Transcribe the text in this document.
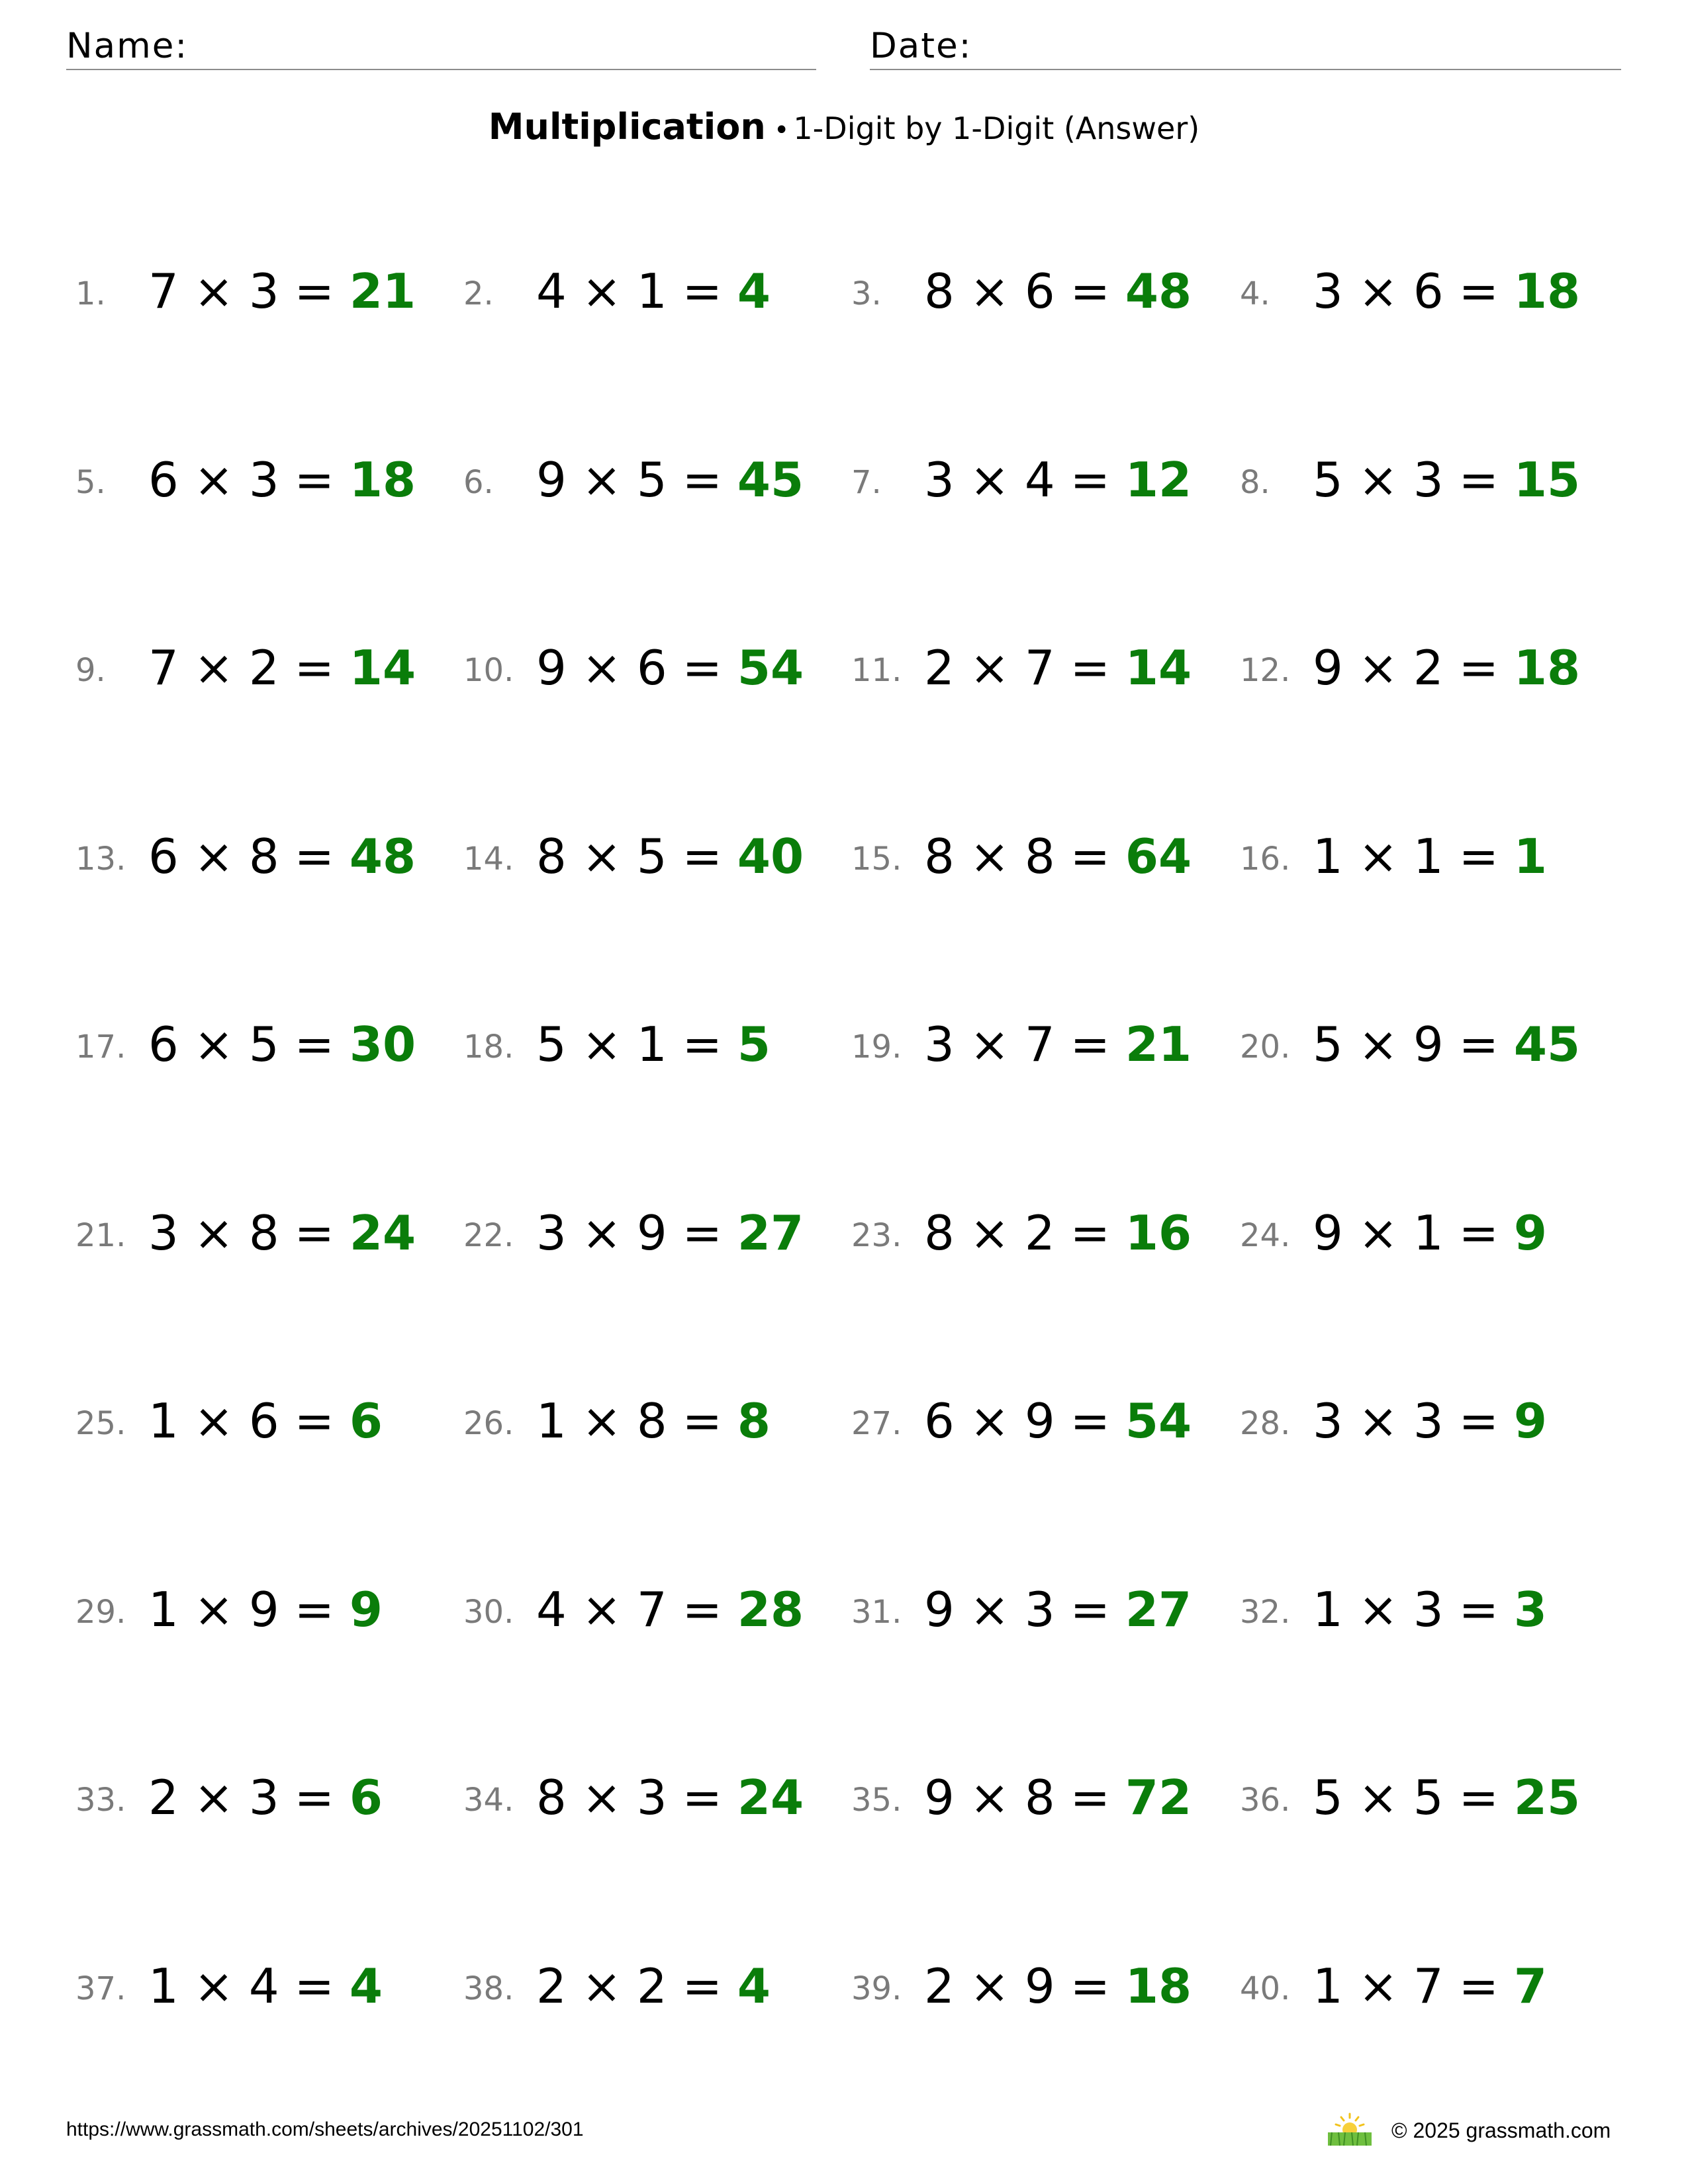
Name:	Date:
Multiplication • 1-Digit by 1-Digit (Answer)
1. 7 × 3 = 21 2. 4 × 1 = 4	3. 8 × 6 = 48 4. 3 × 6 = 18
5. 6 × 3 = 18 6. 9 × 5 = 45 7. 3 × 4 = 12 8. 5 × 3 = 15
9. 7 × 2 = 14 10. 9 × 6 = 54 11. 2 × 7 = 14 12. 9 × 2 = 18
13. 6 × 8 = 48 14. 8 × 5 = 40 15. 8 × 8 = 64 16. 1 × 1 = 1
17. 6 × 5 = 30 18. 5 × 1 = 5	19. 3 × 7 = 21 20. 5 × 9 = 45
21. 3 × 8 = 24 22. 3 × 9 = 27 23. 8 × 2 = 16 24. 9 × 1 = 9
25. 1 × 6 = 6	26. 1 × 8 = 8	27. 6 × 9 = 54 28. 3 × 3 = 9
29. 1 × 9 = 9	30. 4 × 7 = 28 31. 9 × 3 = 27 32. 1 × 3 = 3
33. 2 × 3 = 6	34. 8 × 3 = 24 35. 9 × 8 = 72 36. 5 × 5 = 25
37. 1 × 4 = 4	38. 2 × 2 = 4	39. 2 × 9 = 18 40. 1 × 7 = 7
https://www.grassmath.com/sheets/archives/20251102/301	© 2025 grassmath.com
